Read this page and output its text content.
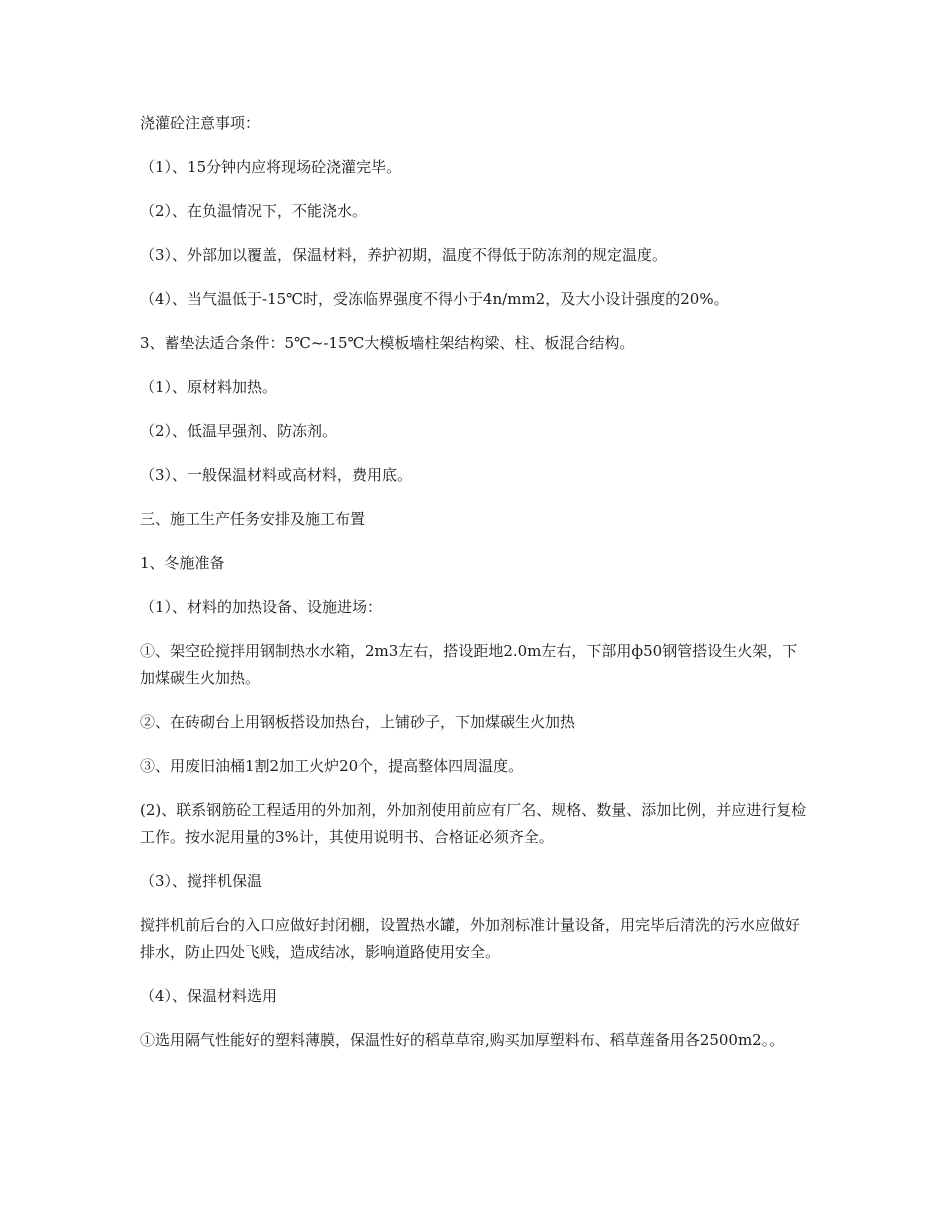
浇灌砼注意事项：

（1）、15分钟内应将现场砼浇灌完毕。

（2）、在负温情况下，不能浇水。

（3）、外部加以覆盖，保温材料，养护初期，温度不得低于防冻剂的规定温度。

（4）、当气温低于-15℃时，受冻临界强度不得小于4n/mm2，及大小设计强度的20%。

3、蓄垫法适合条件：5℃~-15℃大模板墙柱架结构梁、柱、板混合结构。

（1）、原材料加热。

（2）、低温早强剂、防冻剂。

（3）、一般保温材料或高材料，费用底。

三、施工生产任务安排及施工布置

1、冬施准备

（1）、材料的加热设备、设施进场：

①、架空砼搅拌用钢制热水水箱，2m3左右，搭设距地2.0m左右，下部用ф50钢管搭设生火架，下加煤碳生火加热。

②、在砖砌台上用钢板搭设加热台，上铺砂子，下加煤碳生火加热

③、用废旧油桶1割2加工火炉20个，提高整体四周温度。

(2)、联系钢筋砼工程适用的外加剂，外加剂使用前应有厂名、规格、数量、添加比例，并应进行复检工作。按水泥用量的3%计，其使用说明书、合格证必须齐全。

（3）、搅拌机保温

搅拌机前后台的入口应做好封闭棚，设置热水罐，外加剂标准计量设备，用完毕后清洗的污水应做好排水，防止四处飞贱，造成结冰，影响道路使用安全。

（4）、保温材料选用

①选用隔气性能好的塑料薄膜，保温性好的稻草草帘,购买加厚塑料布、稻草莲备用各2500m2。。
